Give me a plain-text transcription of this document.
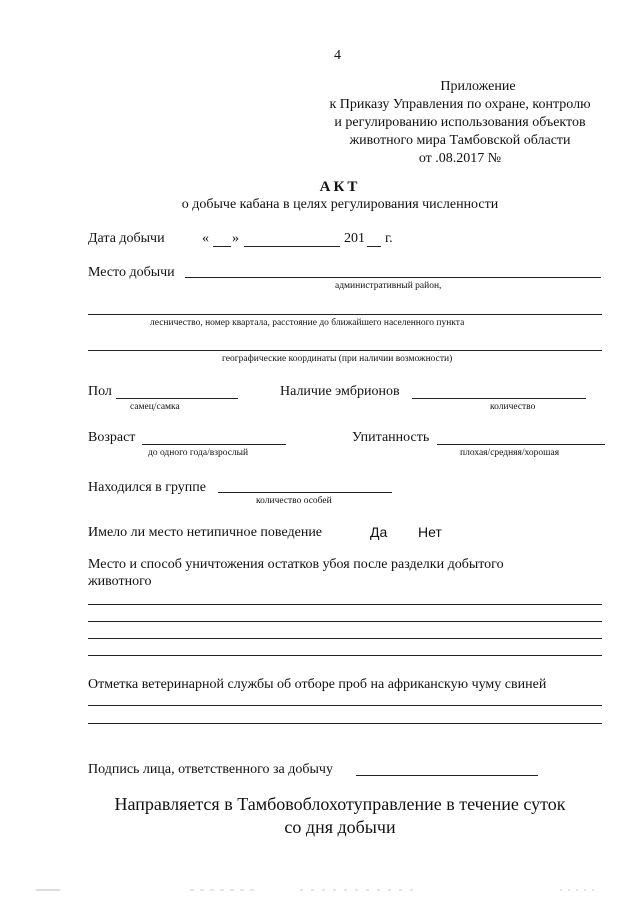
4
Приложение
к Приказу Управления по охране, контролю
и регулированию использования объектов
животного мира Тамбовской области
от .08.2017 №
АКТ
о добыче кабана в целях регулирования численности
Дата добычи	« »	201 г.
Место добычи
административный район,
лесничество, номер квартала, расстояние до ближайшего населенного пункта
географические координаты (при наличии возможности)
Пол
самец/самка
Наличие эмбрионов
количество
Возраст
до одного года/взрослый
Упитанность
плохая/средняя/хорошая
Находился в группе
количество особей
Имело ли место нетипичное поведение	Да Нет
Место и способ уничтожения остатков убоя после разделки добытого
животного
Отметка ветеринарной службы об отборе проб на африканскую чуму свиней
Подпись лица, ответственного за добычу
Направляется в Тамбовоблохотуправление в течение суток
со дня добычи
